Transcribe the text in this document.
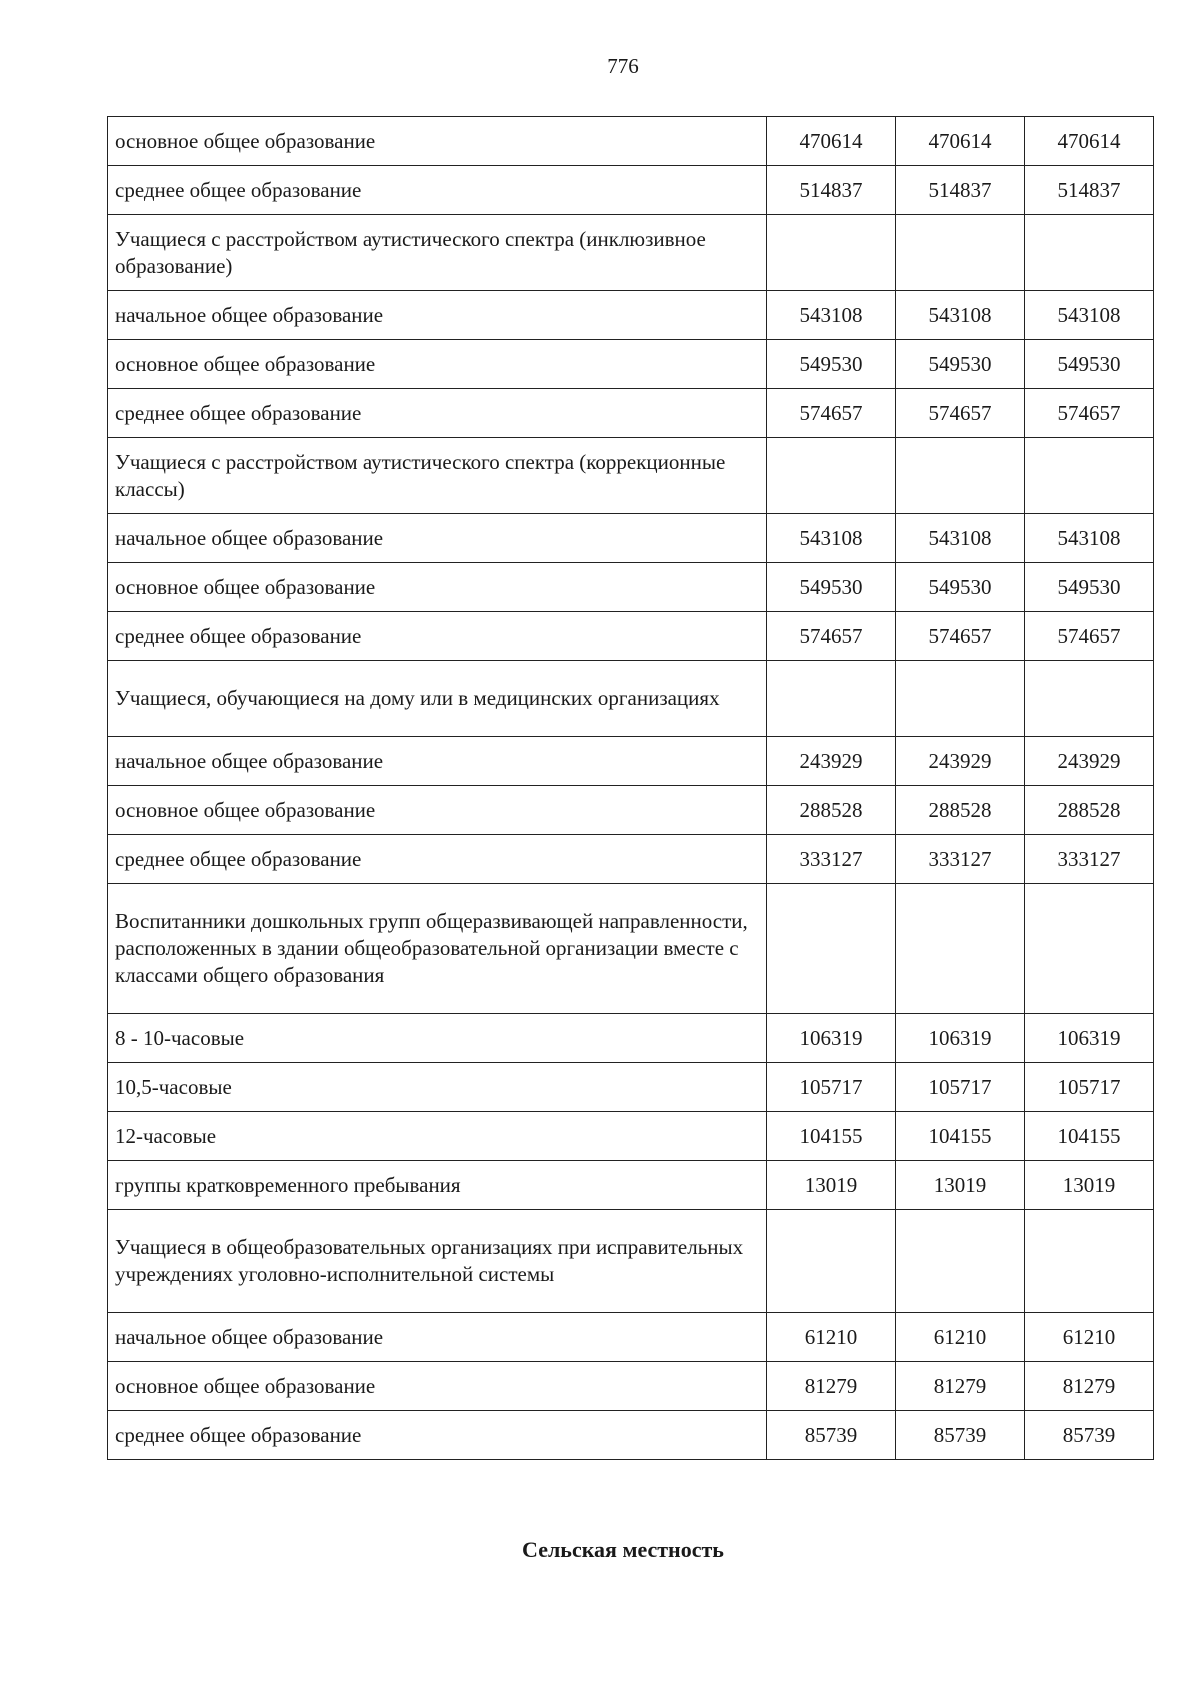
776
основное общее образование	470614	470614	470614
среднее общее образование	514837	514837	514837
Учащиеся с расстройством аутистического спектра (инклюзивное образование)			
начальное общее образование	543108	543108	543108
основное общее образование	549530	549530	549530
среднее общее образование	574657	574657	574657
Учащиеся с расстройством аутистического спектра (коррекционные классы)			
начальное общее образование	543108	543108	543108
основное общее образование	549530	549530	549530
среднее общее образование	574657	574657	574657
Учащиеся, обучающиеся на дому или в медицинских организациях			
начальное общее образование	243929	243929	243929
основное общее образование	288528	288528	288528
среднее общее образование	333127	333127	333127
Воспитанники дошкольных групп общеразвивающей направленности, расположенных в здании общеобразовательной организации вместе с классами общего образования			
8 - 10-часовые	106319	106319	106319
10,5-часовые	105717	105717	105717
12-часовые	104155	104155	104155
группы кратковременного пребывания	13019	13019	13019
Учащиеся в общеобразовательных организациях при исправительных учреждениях уголовно-исполнительной системы			
начальное общее образование	61210	61210	61210
основное общее образование	81279	81279	81279
среднее общее образование	85739	85739	85739
Сельская местность
